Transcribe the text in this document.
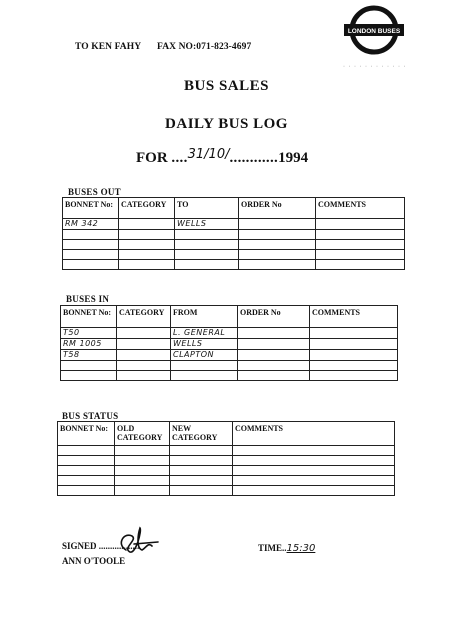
LONDON BUSES
· · · · · · · · · · · ·
TO KEN FAHY FAX NO:071-823-4697
BUS SALES
DAILY BUS LOG
FOR ....31/10/............1994
BUSES OUT
BONNET No:	CATEGORY	TO	ORDER No	COMMENTS
RM 342		WELLS		

BUSES IN
BONNET No:	CATEGORY	FROM	ORDER No	COMMENTS
T50		L. GENERAL		
RM 1005		WELLS		
T58		CLAPTON		

BUS STATUS
BONNET No:	OLD CATEGORY	NEW CATEGORY	COMMENTS

SIGNED ..................
ANN O'TOOLE
TIME..15:30
